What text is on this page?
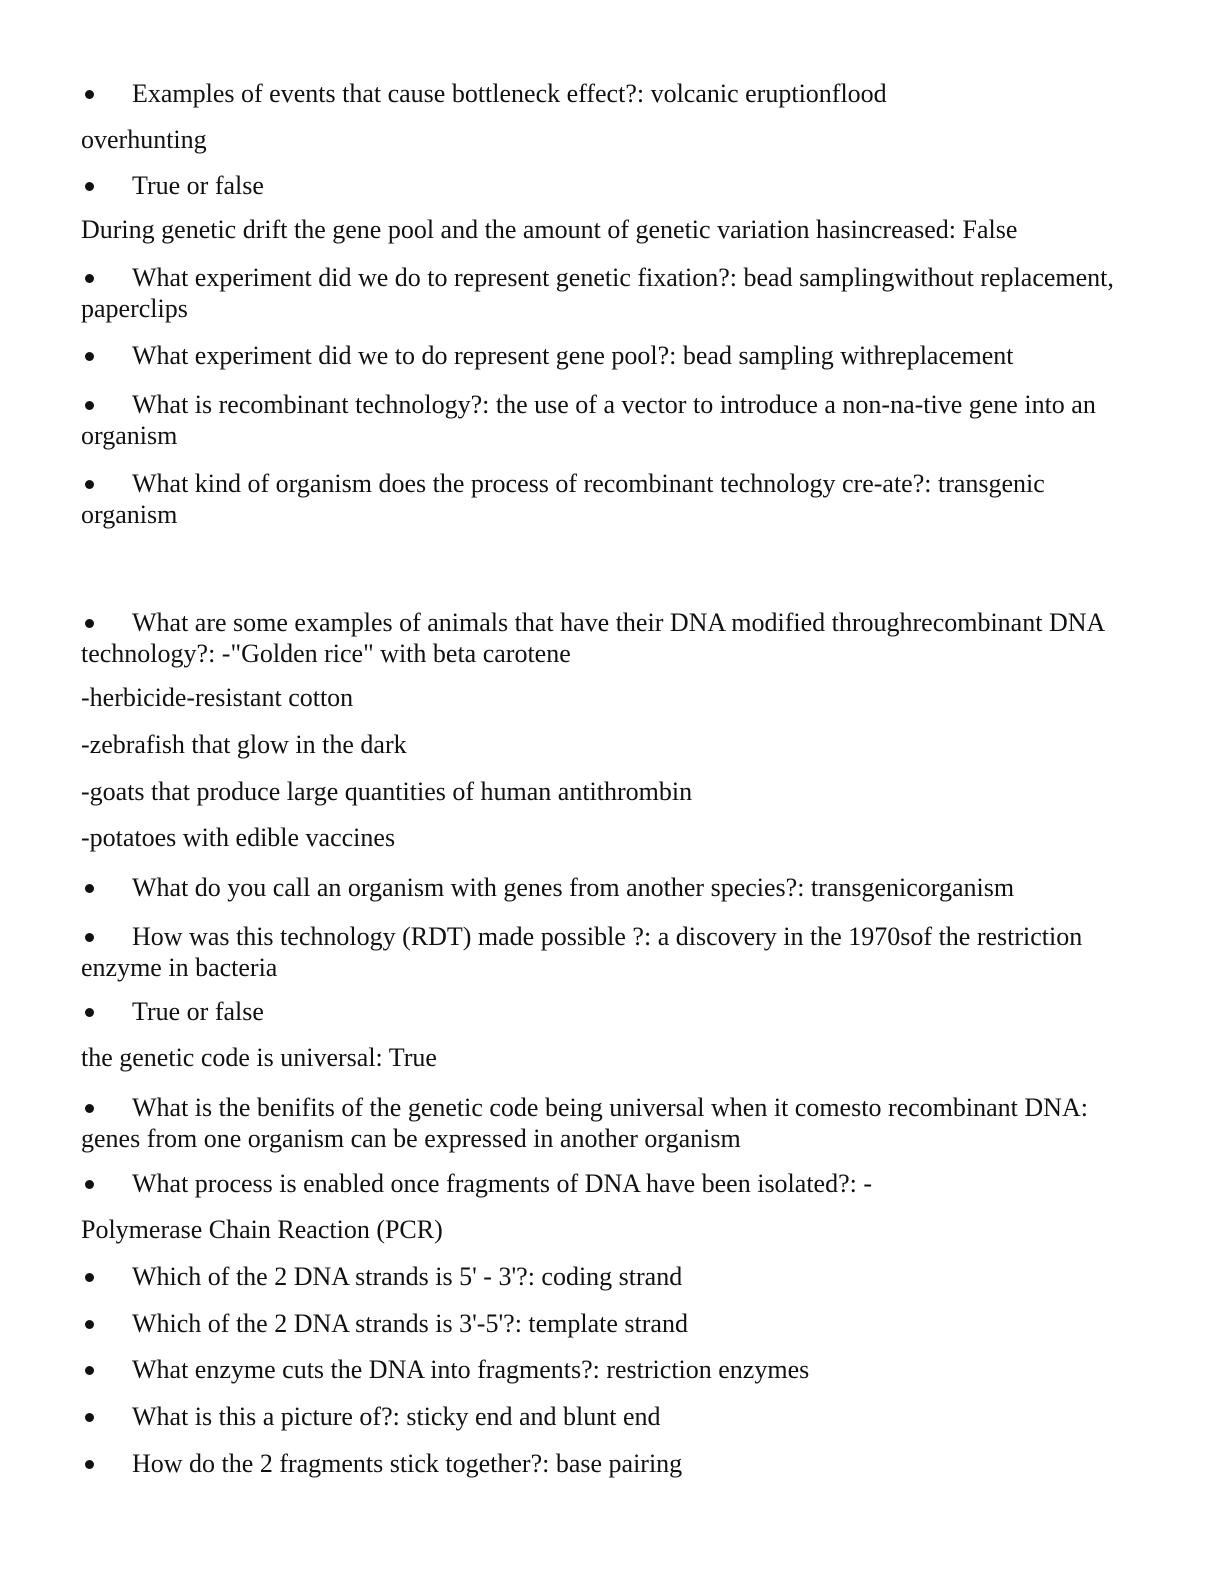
Examples of events that cause bottleneck effect?: volcanic eruptionflood
overhunting
True or false
During genetic drift the gene pool and the amount of genetic variation hasincreased: False
What experiment did we do to represent genetic fixation?: bead samplingwithout replacement, paperclips
What experiment did we to do represent gene pool?: bead sampling withreplacement
What is recombinant technology?: the use of a vector to introduce a non-na-tive gene into an organism
What kind of organism does the process of recombinant technology cre-ate?: transgenic organism
What are some examples of animals that have their DNA modified throughrecombinant DNA technology?: -"Golden rice" with beta carotene
-herbicide-resistant cotton
-zebrafish that glow in the dark
-goats that produce large quantities of human antithrombin
-potatoes with edible vaccines
What do you call an organism with genes from another species?: transgenicorganism
How was this technology (RDT) made possible ?: a discovery in the 1970sof the restriction enzyme in bacteria
True or false
the genetic code is universal: True
What is the benifits of the genetic code being universal when it comesto recombinant DNA: genes from one organism can be expressed in another organism
What process is enabled once fragments of DNA have been isolated?: -
Polymerase Chain Reaction (PCR)
Which of the 2 DNA strands is 5' - 3'?: coding strand
Which of the 2 DNA strands is 3'-5'?: template strand
What enzyme cuts the DNA into fragments?: restriction enzymes
What is this a picture of?: sticky end and blunt end
How do the 2 fragments stick together?: base pairing
